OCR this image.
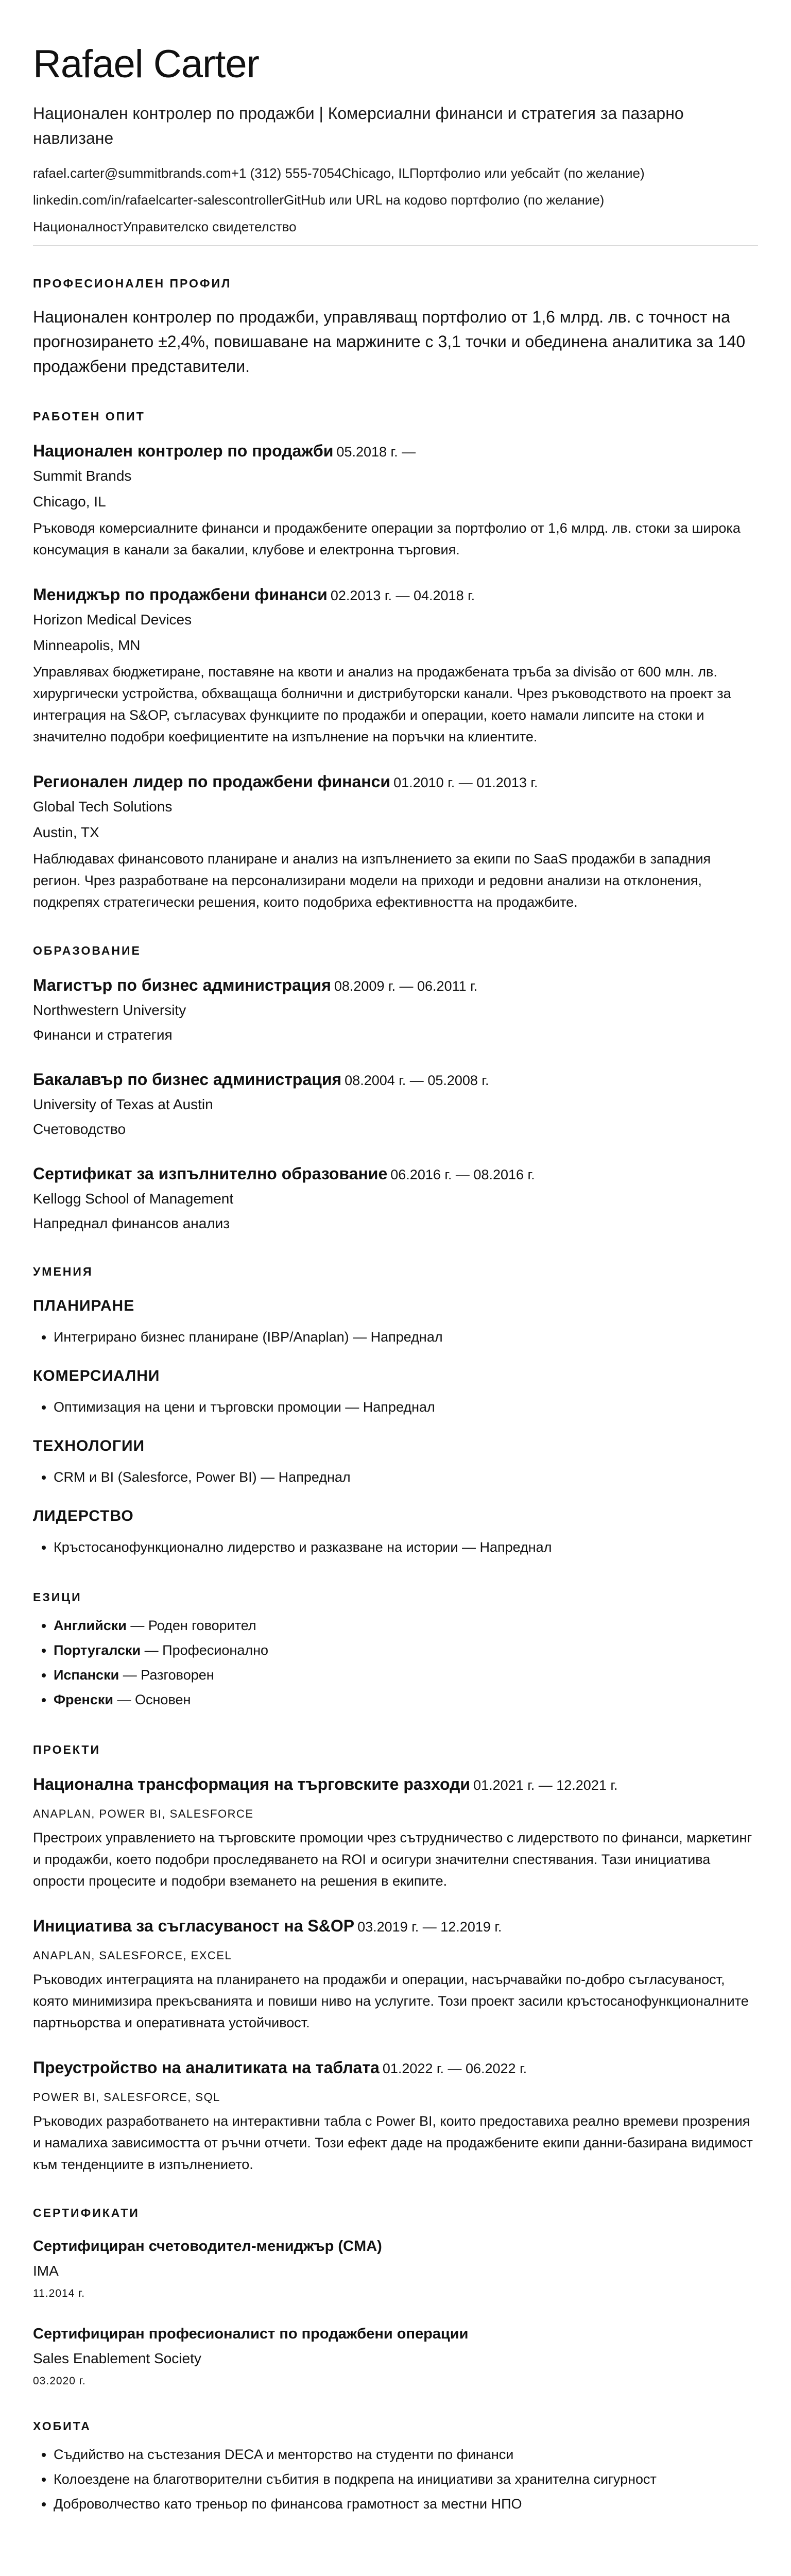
Rafael Carter
Национален контролер по продажби | Комерсиални финанси и стратегия за пазарно навлизане
rafael.carter@summitbrands.com+1 (312) 555-7054Chicago, ILПортфолио или уебсайт (по желание)
linkedin.com/in/rafaelcarter-salescontrollerGitHub или URL на кодово портфолио (по желание)
НационалностУправителско свидетелство
ПРОФЕСИОНАЛЕН ПРОФИЛ
Национален контролер по продажби, управляващ портфолио от 1,6 млрд. лв. с точност на прогнозирането ±2,4%, повишаване на маржините с 3,1 точки и обединена аналитика за 140 продажбени представители.
РАБОТЕН ОПИТ
Национален контролер по продажби 05.2018 г. —
Summit Brands
Chicago, IL
Ръководя комерсиалните финанси и продажбените операции за портфолио от 1,6 млрд. лв. стоки за широка консумация в канали за бакалии, клубове и електронна търговия.
Мениджър по продажбени финанси 02.2013 г. — 04.2018 г.
Horizon Medical Devices
Minneapolis, MN
Управлявах бюджетиране, поставяне на квоти и анализ на продажбената тръба за divisão от 600 млн. лв. хирургически устройства, обхващаща болнични и дистрибуторски канали. Чрез ръководството на проект за интеграция на S&OP, съгласувах функциите по продажби и операции, което намали липсите на стоки и значително подобри коефициентите на изпълнение на поръчки на клиентите.
Регионален лидер по продажбени финанси 01.2010 г. — 01.2013 г.
Global Tech Solutions
Austin, TX
Наблюдавах финансовото планиране и анализ на изпълнението за екипи по SaaS продажби в западния регион. Чрез разработване на персонализирани модели на приходи и редовни анализи на отклонения, подкрепях стратегически решения, които подобриха ефективността на продажбите.
ОБРАЗОВАНИЕ
Магистър по бизнес администрация 08.2009 г. — 06.2011 г.
Northwestern University
Финанси и стратегия
Бакалавър по бизнес администрация 08.2004 г. — 05.2008 г.
University of Texas at Austin
Счетоводство
Сертификат за изпълнително образование 06.2016 г. — 08.2016 г.
Kellogg School of Management
Напреднал финансов анализ
УМЕНИЯ
ПЛАНИРАНЕ
• Интегрирано бизнес планиране (IBP/Anaplan) — Напреднал
КОМЕРСИАЛНИ
• Оптимизация на цени и търговски промоции — Напреднал
ТЕХНОЛОГИИ
• CRM и BI (Salesforce, Power BI) — Напреднал
ЛИДЕРСТВО
• Кръстосанофункционално лидерство и разказване на истории — Напреднал
ЕЗИЦИ
• Английски — Роден говорител
• Португалски — Професионално
• Испански — Разговорен
• Френски — Основен
ПРОЕКТИ
Национална трансформация на търговските разходи 01.2021 г. — 12.2021 г.
ANAPLAN, POWER BI, SALESFORCE
Престроих управлението на търговските промоции чрез сътрудничество с лидерството по финанси, маркетинг и продажби, което подобри проследяването на ROI и осигури значителни спестявания. Тази инициатива опрости процесите и подобри вземането на решения в екипите.
Инициатива за съгласуваност на S&OP 03.2019 г. — 12.2019 г.
ANAPLAN, SALESFORCE, EXCEL
Ръководих интеграцията на планирането на продажби и операции, насърчавайки по-добро съгласуваност, която минимизира прекъсванията и повиши ниво на услугите. Този проект засили кръстосанофункционалните партньорства и оперативната устойчивост.
Преустройство на аналитиката на таблата 01.2022 г. — 06.2022 г.
POWER BI, SALESFORCE, SQL
Ръководих разработването на интерактивни табла с Power BI, които предоставиха реално времеви прозрения и намалиха зависимостта от ръчни отчети. Този ефект даде на продажбените екипи данни-базирана видимост към тенденциите в изпълнението.
СЕРТИФИКАТИ
Сертифициран счетоводител-мениджър (CMA)
IMA
11.2014 г.
Сертифициран професионалист по продажбени операции
Sales Enablement Society
03.2020 г.
ХОБИТА
• Съдийство на състезания DECA и менторство на студенти по финанси
• Колоездене на благотворителни събития в подкрепа на инициативи за хранителна сигурност
• Доброволчество като треньор по финансова грамотност за местни НПО
